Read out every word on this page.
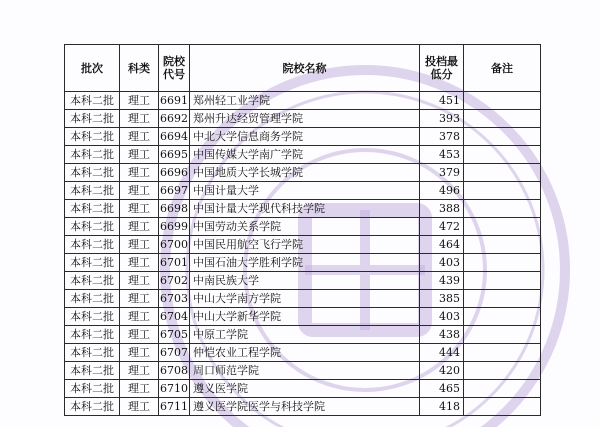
批次	科类	院校代号	院校名称	投档最低分	备注
本科二批	理工	6691	郑州轻工业学院	451	
本科二批	理工	6692	郑州升达经贸管理学院	393	
本科二批	理工	6694	中北大学信息商务学院	378	
本科二批	理工	6695	中国传媒大学南广学院	453	
本科二批	理工	6696	中国地质大学长城学院	379	
本科二批	理工	6697	中国计量大学	496	
本科二批	理工	6698	中国计量大学现代科技学院	388	
本科二批	理工	6699	中国劳动关系学院	472	
本科二批	理工	6700	中国民用航空飞行学院	464	
本科二批	理工	6701	中国石油大学胜利学院	403	
本科二批	理工	6702	中南民族大学	439	
本科二批	理工	6703	中山大学南方学院	385	
本科二批	理工	6704	中山大学新华学院	403	
本科二批	理工	6705	中原工学院	438	
本科二批	理工	6707	仲恺农业工程学院	444	
本科二批	理工	6708	周口师范学院	420	
本科二批	理工	6710	遵义医学院	465	
本科二批	理工	6711	遵义医学院医学与科技学院	418	
